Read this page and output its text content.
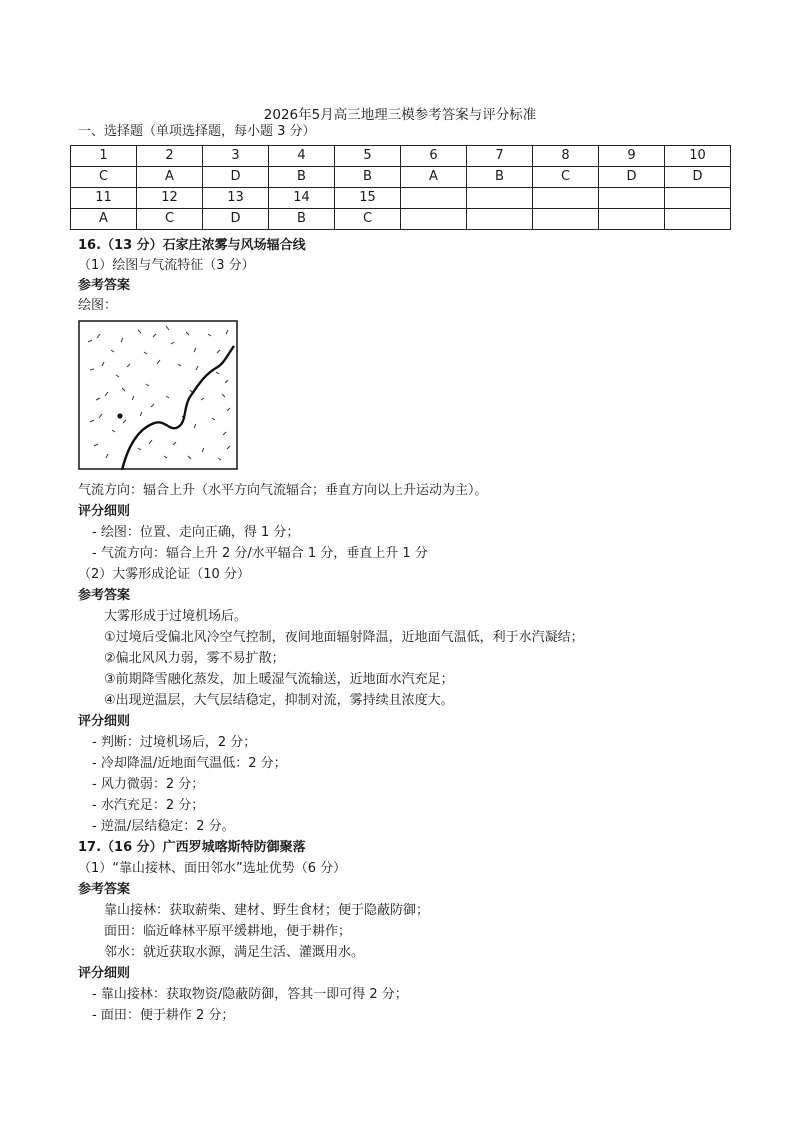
2026年5月高三地理三模参考答案与评分标准
一、选择题（单项选择题，每小题 3 分）
1	2	3	4	5	6	7	8	9	10
C	A	D	B	B	A	B	C	D	D
11	12	13	14	15					
A	C	D	B	C					
16.（13 分）石家庄浓雾与风场辐合线
（1）绘图与气流特征（3 分）
参考答案
绘图：
气流方向：辐合上升（水平方向气流辐合；垂直方向以上升运动为主）。
评分细则
- 绘图：位置、走向正确，得 1 分；
- 气流方向：辐合上升 2 分/水平辐合 1 分，垂直上升 1 分
（2）大雾形成论证（10 分）
参考答案
大雾形成于过境机场后。
①过境后受偏北风冷空气控制，夜间地面辐射降温，近地面气温低，利于水汽凝结；
②偏北风风力弱，雾不易扩散；
③前期降雪融化蒸发，加上暖湿气流输送，近地面水汽充足；
④出现逆温层，大气层结稳定，抑制对流，雾持续且浓度大。
评分细则
- 判断：过境机场后，2 分；
- 冷却降温/近地面气温低：2 分；
- 风力微弱：2 分；
- 水汽充足：2 分；
- 逆温/层结稳定：2 分。
17.（16 分）广西罗城喀斯特防御聚落
（1）“靠山接林、面田邻水”选址优势（6 分）
参考答案
靠山接林：获取薪柴、建材、野生食材；便于隐蔽防御；
面田：临近峰林平原平缓耕地，便于耕作；
邻水：就近获取水源，满足生活、灌溉用水。
评分细则
- 靠山接林：获取物资/隐蔽防御，答其一即可得 2 分；
- 面田：便于耕作 2 分；
